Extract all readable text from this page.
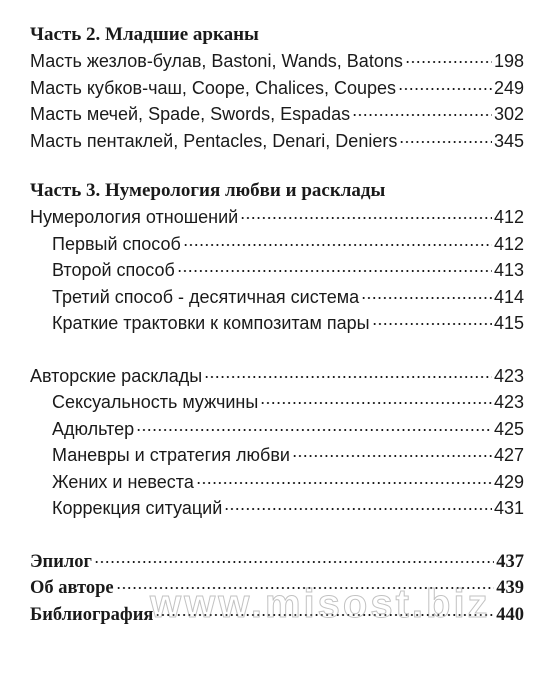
Часть 2. Младшие арканы
Масть жезлов-булав, Bastoni, Wands, Batons	198
Масть кубков-чаш, Coope, Chalices, Coupes	249
Масть мечей, Spade, Swords, Espadas	302
Масть пентаклей, Pentacles, Denari, Deniers	345
Часть 3. Нумерология любви и расклады
Нумерология отношений	412
Первый способ	412
Второй способ	413
Третий способ - десятичная система	414
Краткие трактовки к композитам пары	415
Авторские расклады	423
Сексуальность мужчины	423
Адюльтер	425
Маневры и стратегия любви	427
Жених и невеста	429
Коррекция ситуаций	431
Эпилог	437
Об авторе	439
Библиография	440
www.misost.biz
